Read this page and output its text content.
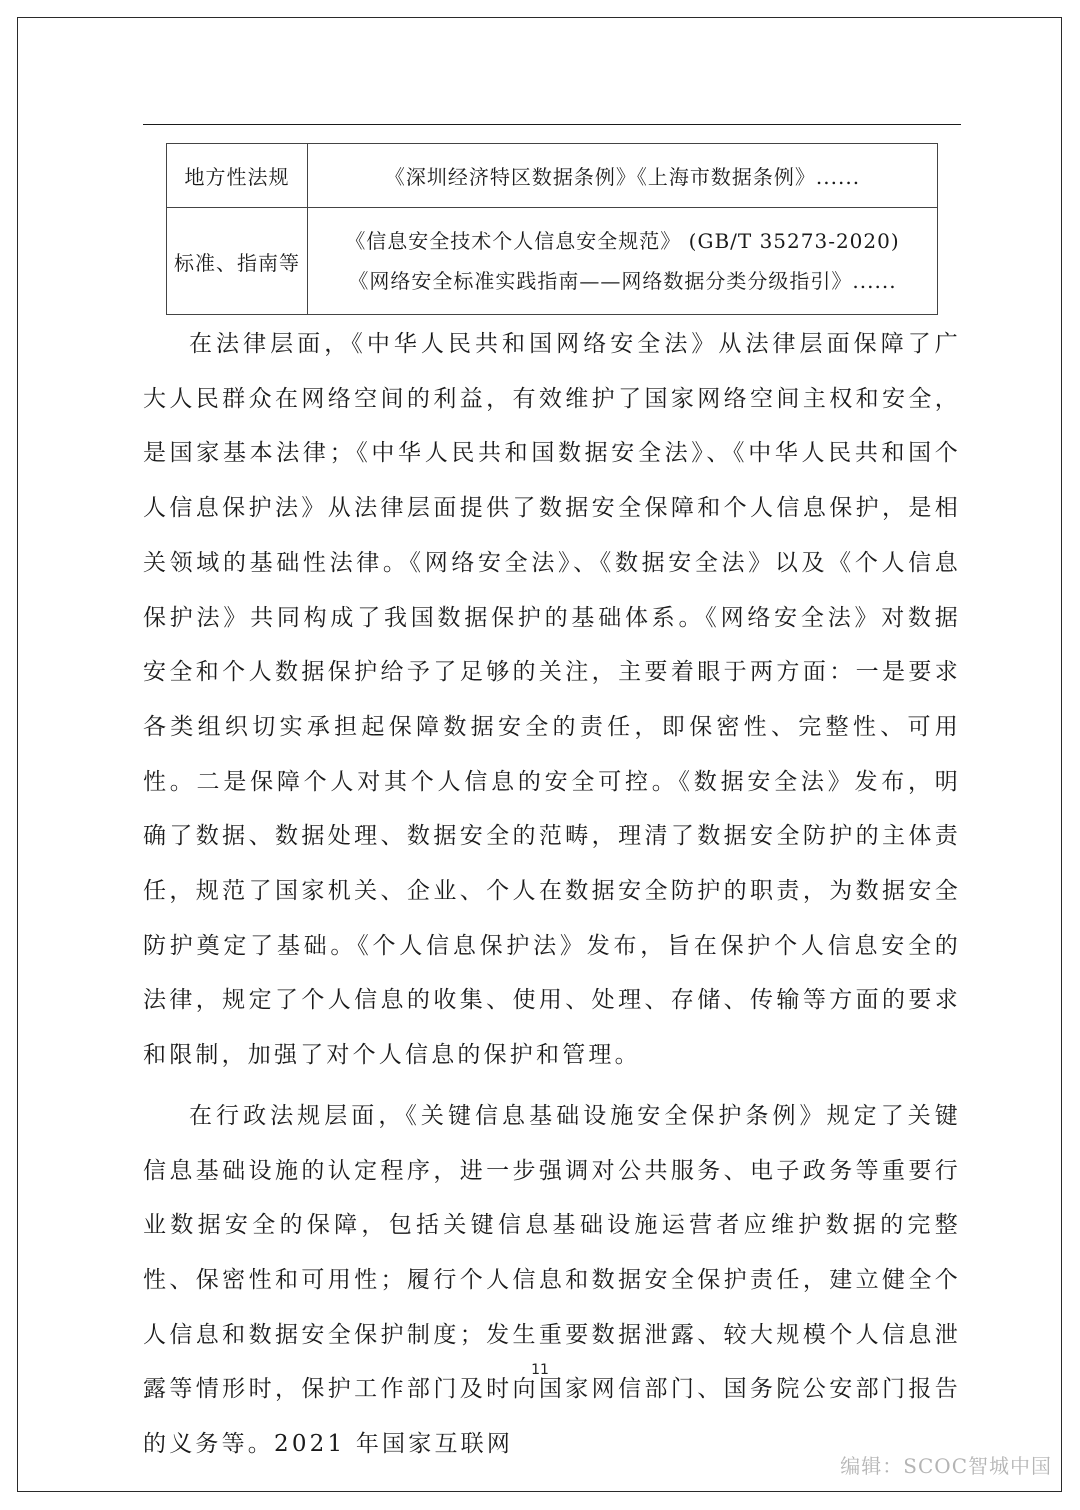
地方性法规	《深圳经济特区数据条例》《上海市数据条例》......
标准、指南等	《信息安全技术个人信息安全规范》 (GB/T 35273-2020)
《网络安全标准实践指南——网络数据分类分级指引》......

在法律层面，《中华人民共和国网络安全法》从法律层面保障了广大人民群众在网络空间的利益，有效维护了国家网络空间主权和安全，是国家基本法律；《中华人民共和国数据安全法》、《中华人民共和国个人信息保护法》从法律层面提供了数据安全保障和个人信息保护，是相关领域的基础性法律。《网络安全法》、《数据安全法》以及《个人信息保护法》共同构成了我国数据保护的基础体系。《网络安全法》对数据安全和个人数据保护给予了足够的关注，主要着眼于两方面：一是要求各类组织切实承担起保障数据安全的责任，即保密性、完整性、可用性。二是保障个人对其个人信息的安全可控。《数据安全法》发布，明确了数据、数据处理、数据安全的范畴，理清了数据安全防护的主体责任，规范了国家机关、企业、个人在数据安全防护的职责，为数据安全防护奠定了基础。《个人信息保护法》发布，旨在保护个人信息安全的法律，规定了个人信息的收集、使用、处理、存储、传输等方面的要求和限制，加强了对个人信息的保护和管理。

在行政法规层面，《关键信息基础设施安全保护条例》规定了关键信息基础设施的认定程序，进一步强调对公共服务、电子政务等重要行业数据安全的保障，包括关键信息基础设施运营者应维护数据的完整性、保密性和可用性；履行个人信息和数据安全保护责任，建立健全个人信息和数据安全保护制度；发生重要数据泄露、较大规模个人信息泄露等情形时，保护工作部门及时向国家网信部门、国务院公安部门报告的义务等。2021 年国家互联网

11
编辑：SCOC智城中国
